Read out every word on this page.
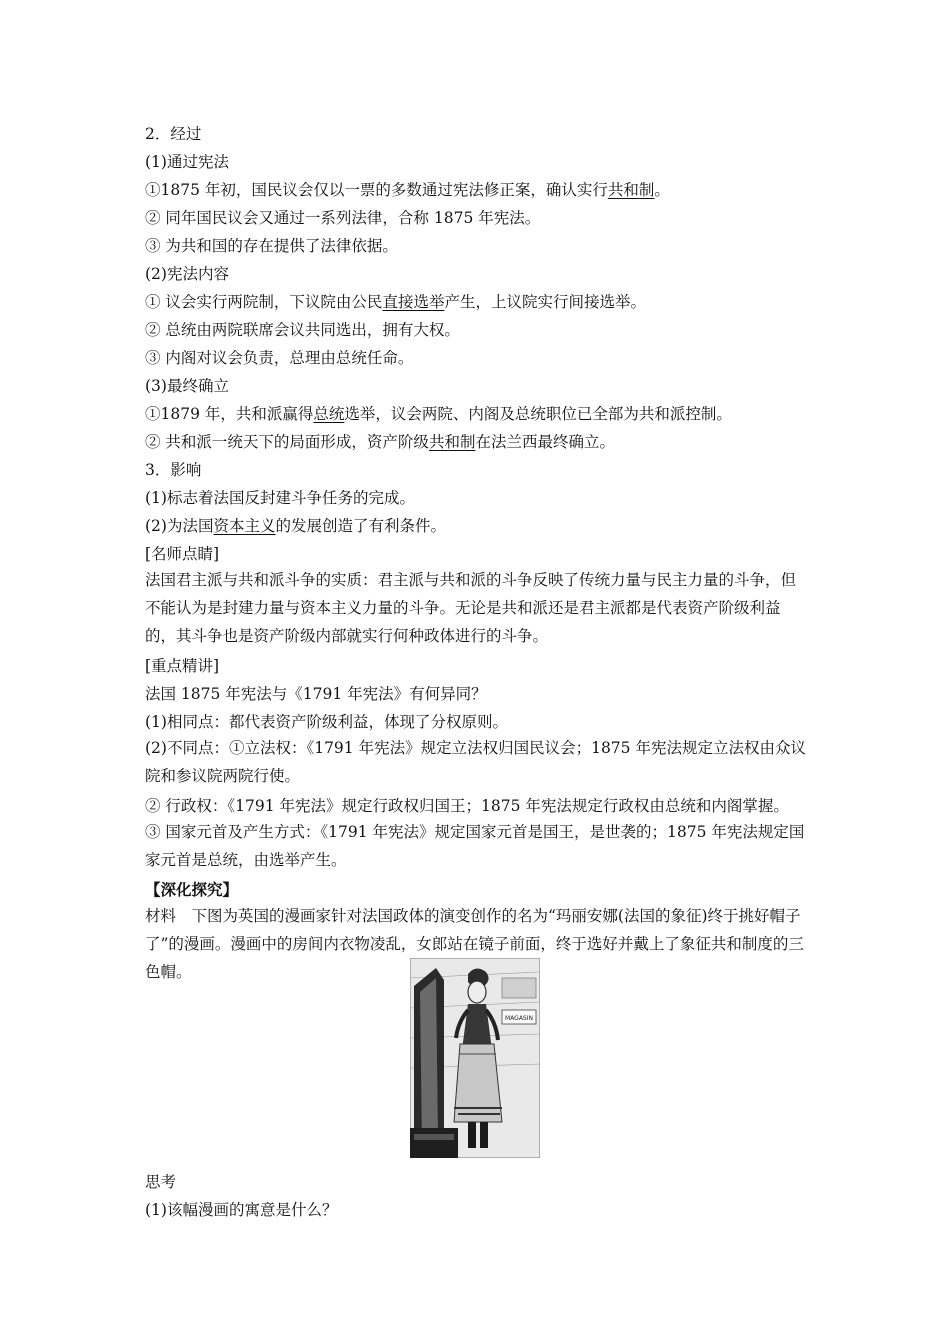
2．经过
(1)通过宪法
①1875 年初，国民议会仅以一票的多数通过宪法修正案，确认实行共和制。
② 同年国民议会又通过一系列法律，合称 1875 年宪法。
③ 为共和国的存在提供了法律依据。
(2)宪法内容
① 议会实行两院制，下议院由公民直接选举产生，上议院实行间接选举。
② 总统由两院联席会议共同选出，拥有大权。
③ 内阁对议会负责，总理由总统任命。
(3)最终确立
①1879 年，共和派赢得总统选举，议会两院、内阁及总统职位已全部为共和派控制。
② 共和派一统天下的局面形成，资产阶级共和制在法兰西最终确立。
3．影响
(1)标志着法国反封建斗争任务的完成。
(2)为法国资本主义的发展创造了有利条件。
[名师点睛]
法国君主派与共和派斗争的实质：君主派与共和派的斗争反映了传统力量与民主力量的斗争，但不能认为是封建力量与资本主义力量的斗争。无论是共和派还是君主派都是代表资产阶级利益的，其斗争也是资产阶级内部就实行何种政体进行的斗争。
[重点精讲]
法国 1875 年宪法与《1791 年宪法》有何异同？
(1)相同点：都代表资产阶级利益，体现了分权原则。
(2)不同点：①立法权：《1791 年宪法》规定立法权归国民议会；1875 年宪法规定立法权由众议院和参议院两院行使。
② 行政权：《1791 年宪法》规定行政权归国王；1875 年宪法规定行政权由总统和内阁掌握。
③ 国家元首及产生方式：《1791 年宪法》规定国家元首是国王，是世袭的；1875 年宪法规定国家元首是总统，由选举产生。
【深化探究】
材料　下图为英国的漫画家针对法国政体的演变创作的名为“玛丽安娜(法国的象征)终于挑好帽子了”的漫画。漫画中的房间内衣物凌乱，女郎站在镜子前面，终于选好并戴上了象征共和制度的三色帽。
MAGASIN
思考
(1)该幅漫画的寓意是什么？
